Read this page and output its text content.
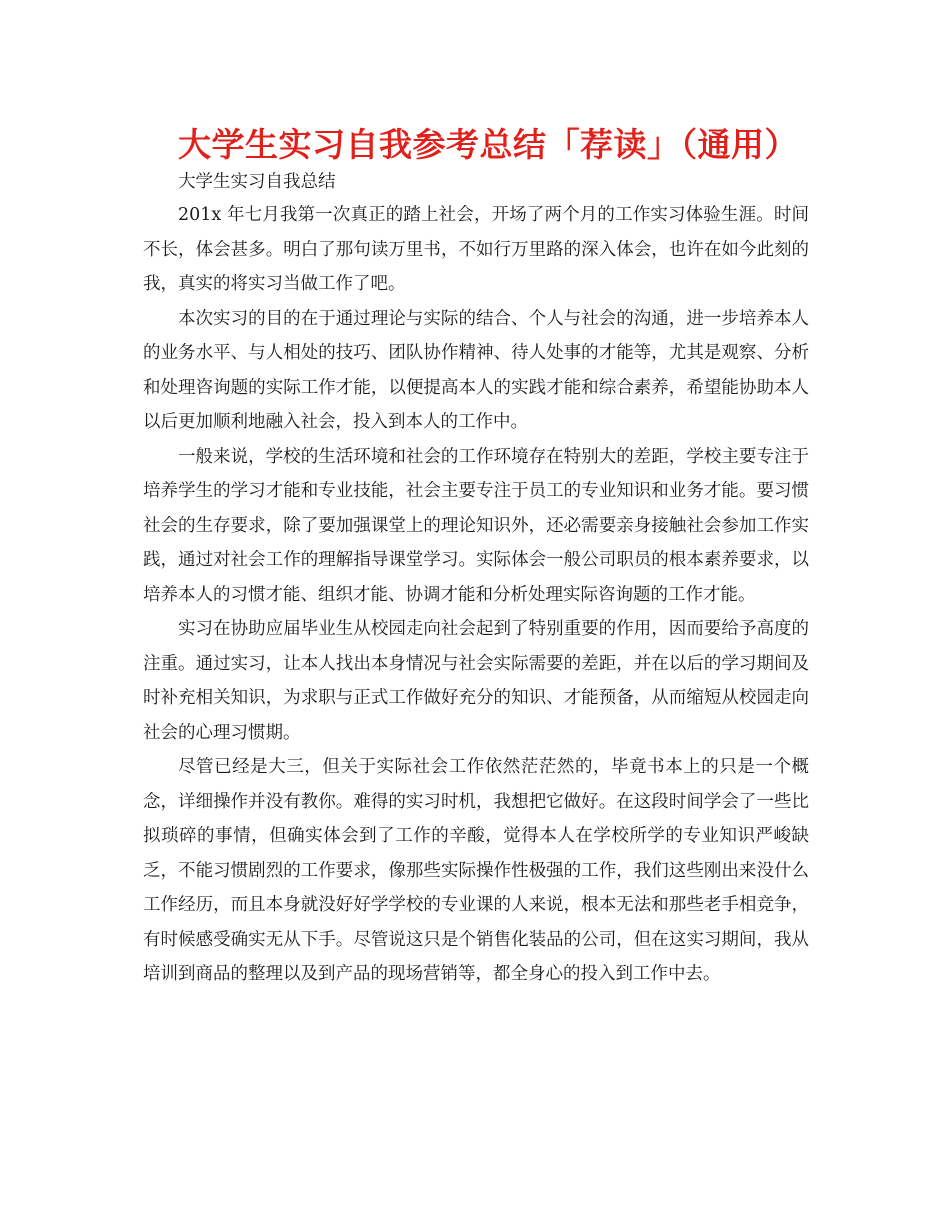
大学生实习自我参考总结「荐读」（通用）

大学生实习自我总结

201x 年七月我第一次真正的踏上社会，开场了两个月的工作实习体验生涯。时间不长，体会甚多。明白了那句读万里书，不如行万里路的深入体会，也许在如今此刻的我，真实的将实习当做工作了吧。

本次实习的目的在于通过理论与实际的结合、个人与社会的沟通，进一步培养本人的业务水平、与人相处的技巧、团队协作精神、待人处事的才能等，尤其是观察、分析和处理咨询题的实际工作才能，以便提高本人的实践才能和综合素养，希望能协助本人以后更加顺利地融入社会，投入到本人的工作中。

一般来说，学校的生活环境和社会的工作环境存在特别大的差距，学校主要专注于培养学生的学习才能和专业技能，社会主要专注于员工的专业知识和业务才能。要习惯社会的生存要求，除了要加强课堂上的理论知识外，还必需要亲身接触社会参加工作实践，通过对社会工作的理解指导课堂学习。实际体会一般公司职员的根本素养要求，以培养本人的习惯才能、组织才能、协调才能和分析处理实际咨询题的工作才能。

实习在协助应届毕业生从校园走向社会起到了特别重要的作用，因而要给予高度的注重。通过实习，让本人找出本身情况与社会实际需要的差距，并在以后的学习期间及时补充相关知识，为求职与正式工作做好充分的知识、才能预备，从而缩短从校园走向社会的心理习惯期。

尽管已经是大三，但关于实际社会工作依然茫茫然的，毕竟书本上的只是一个概念，详细操作并没有教你。难得的实习时机，我想把它做好。在这段时间学会了一些比拟琐碎的事情，但确实体会到了工作的辛酸，觉得本人在学校所学的专业知识严峻缺乏，不能习惯剧烈的工作要求，像那些实际操作性极强的工作，我们这些刚出来没什么工作经历，而且本身就没好好学学校的专业课的人来说，根本无法和那些老手相竞争，有时候感受确实无从下手。尽管说这只是个销售化装品的公司，但在这实习期间，我从培训到商品的整理以及到产品的现场营销等，都全身心的投入到工作中去。
